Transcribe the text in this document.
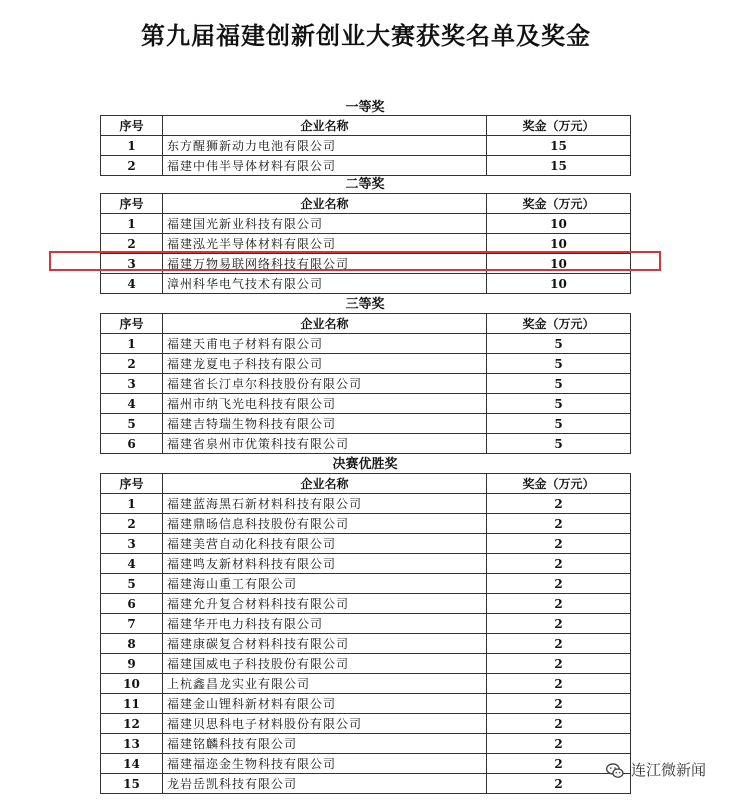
第九届福建创新创业大赛获奖名单及奖金
一等奖
序号	企业名称	奖金（万元）
1	东方醒狮新动力电池有限公司	15
2	福建中伟半导体材料有限公司	15
二等奖
序号	企业名称	奖金（万元）
1	福建国光新业科技有限公司	10
2	福建泓光半导体材料有限公司	10
3	福建万物易联网络科技有限公司	10
4	漳州科华电气技术有限公司	10
三等奖
序号	企业名称	奖金（万元）
1	福建天甫电子材料有限公司	5
2	福建龙夏电子科技有限公司	5
3	福建省长汀卓尔科技股份有限公司	5
4	福州市纳飞光电科技有限公司	5
5	福建吉特瑞生物科技有限公司	5
6	福建省泉州市优策科技有限公司	5
决赛优胜奖
序号	企业名称	奖金（万元）
1	福建蓝海黑石新材料科技有限公司	2
2	福建鼎旸信息科技股份有限公司	2
3	福建美营自动化科技有限公司	2
4	福建鸣友新材料科技有限公司	2
5	福建海山重工有限公司	2
6	福建允升复合材料科技有限公司	2
7	福建华开电力科技有限公司	2
8	福建康碳复合材料科技有限公司	2
9	福建国威电子科技股份有限公司	2
10	上杭鑫昌龙实业有限公司	2
11	福建金山锂科新材料有限公司	2
12	福建贝思科电子材料股份有限公司	2
13	福建铭麟科技有限公司	2
14	福建福迩金生物科技有限公司	2
15	龙岩岳凯科技有限公司	2
连江微新闻
